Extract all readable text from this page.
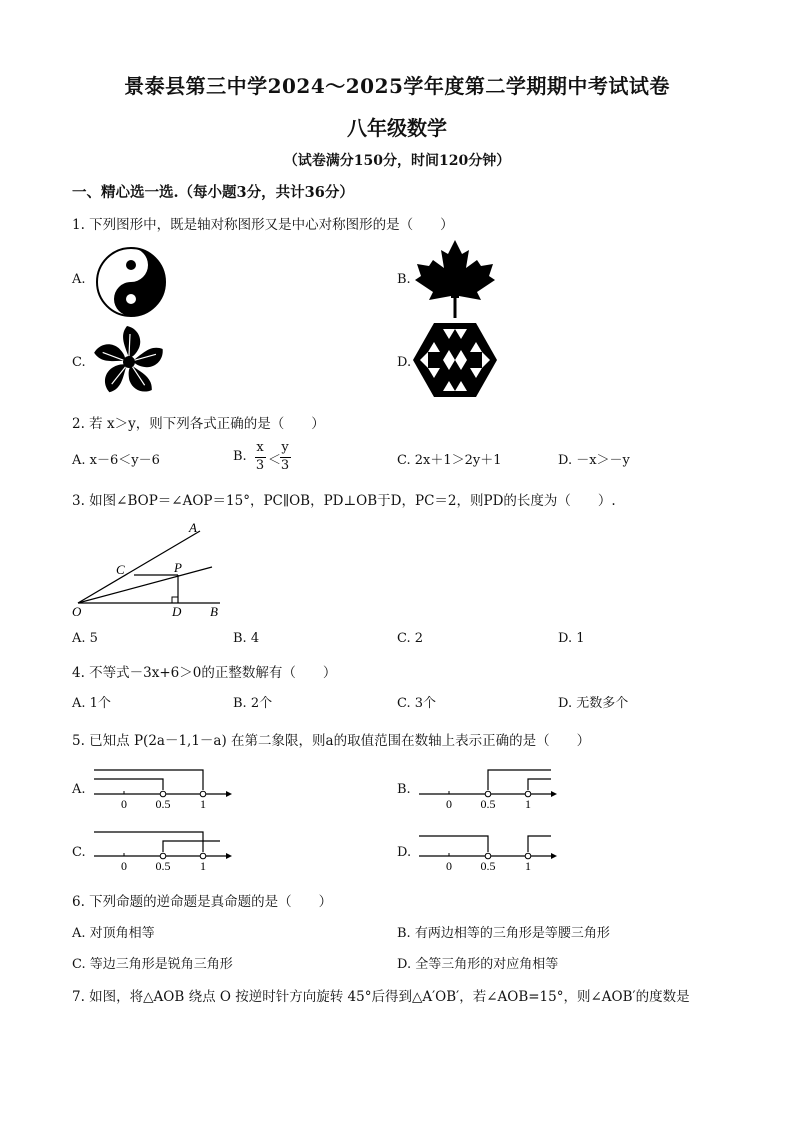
景泰县第三中学2024～2025学年度第二学期期中考试试卷
八年级数学
（试卷满分150分，时间120分钟）
一、精心选一选.（每小题3分，共计36分）
1. 下列图形中，既是轴对称图形又是中心对称图形的是（　　）
A.	B.
C.	D.
2. 若 x＞y，则下列各式正确的是（　　）
A. x－6＜y－6	B.
x
3 ＜
y
3	C. 2x＋1＞2y＋1	D. －x＞－y
3. 如图∠BOP＝∠AOP＝15°，PC∥OB，PD⊥OB于D，PC＝2，则PD的长度为（　　）.
A
C	P
O	D B
A. 5	B. 4	C. 2	D. 1
4. 不等式－3x+6＞0的正整数解有（　　）
A. 1个	B. 2个	C. 3个	D. 无数多个
5. 已知点 P(2a－1,1－a) 在第二象限，则a的取值范围在数轴上表示正确的是（　　）
A.
0 0.5 1
B.
0 0.5 1
C.
0 0.5 1
D.
0 0.5 1
6. 下列命题的逆命题是真命题的是（　　）
A. 对顶角相等	B. 有两边相等的三角形是等腰三角形
C. 等边三角形是锐角三角形	D. 全等三角形的对应角相等
7. 如图，将△AOB 绕点 O 按逆时针方向旋转 45°后得到△A′OB′，若∠AOB=15°，则∠AOB′的度数是
